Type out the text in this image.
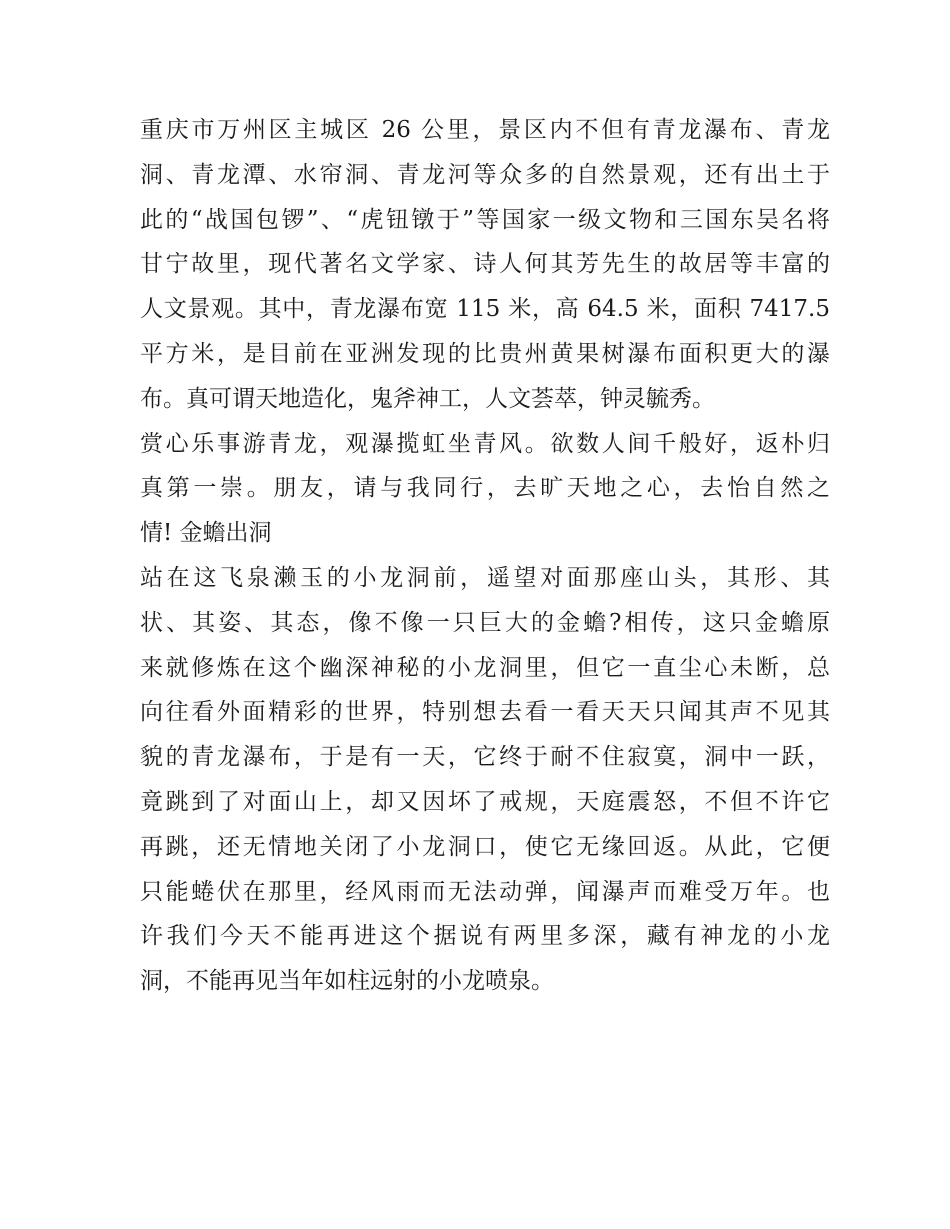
重庆市万州区主城区 26 公里，景区内不但有青龙瀑布、青龙
洞、青龙潭、水帘洞、青龙河等众多的自然景观，还有出土于
此的“战国包锣”、“虎钮镦于”等国家一级文物和三国东吴名将
甘宁故里，现代著名文学家、诗人何其芳先生的故居等丰富的
人文景观。其中，青龙瀑布宽 115 米，高 64.5 米，面积 7417.5
平方米，是目前在亚洲发现的比贵州黄果树瀑布面积更大的瀑
布。真可谓天地造化，鬼斧神工，人文荟萃，钟灵毓秀。
赏心乐事游青龙，观瀑揽虹坐青风。欲数人间千般好，返朴归
真第一崇。朋友，请与我同行，去旷天地之心，去怡自然之
情! 金蟾出洞
站在这飞泉濑玉的小龙洞前，遥望对面那座山头，其形、其
状、其姿、其态，像不像一只巨大的金蟾?相传，这只金蟾原
来就修炼在这个幽深神秘的小龙洞里，但它一直尘心未断，总
向往看外面精彩的世界，特别想去看一看天天只闻其声不见其
貌的青龙瀑布，于是有一天，它终于耐不住寂寞，洞中一跃，
竟跳到了对面山上，却又因坏了戒规，天庭震怒，不但不许它
再跳，还无情地关闭了小龙洞口，使它无缘回返。从此，它便
只能蜷伏在那里，经风雨而无法动弹，闻瀑声而难受万年。也
许我们今天不能再进这个据说有两里多深，藏有神龙的小龙
洞，不能再见当年如柱远射的小龙喷泉。
